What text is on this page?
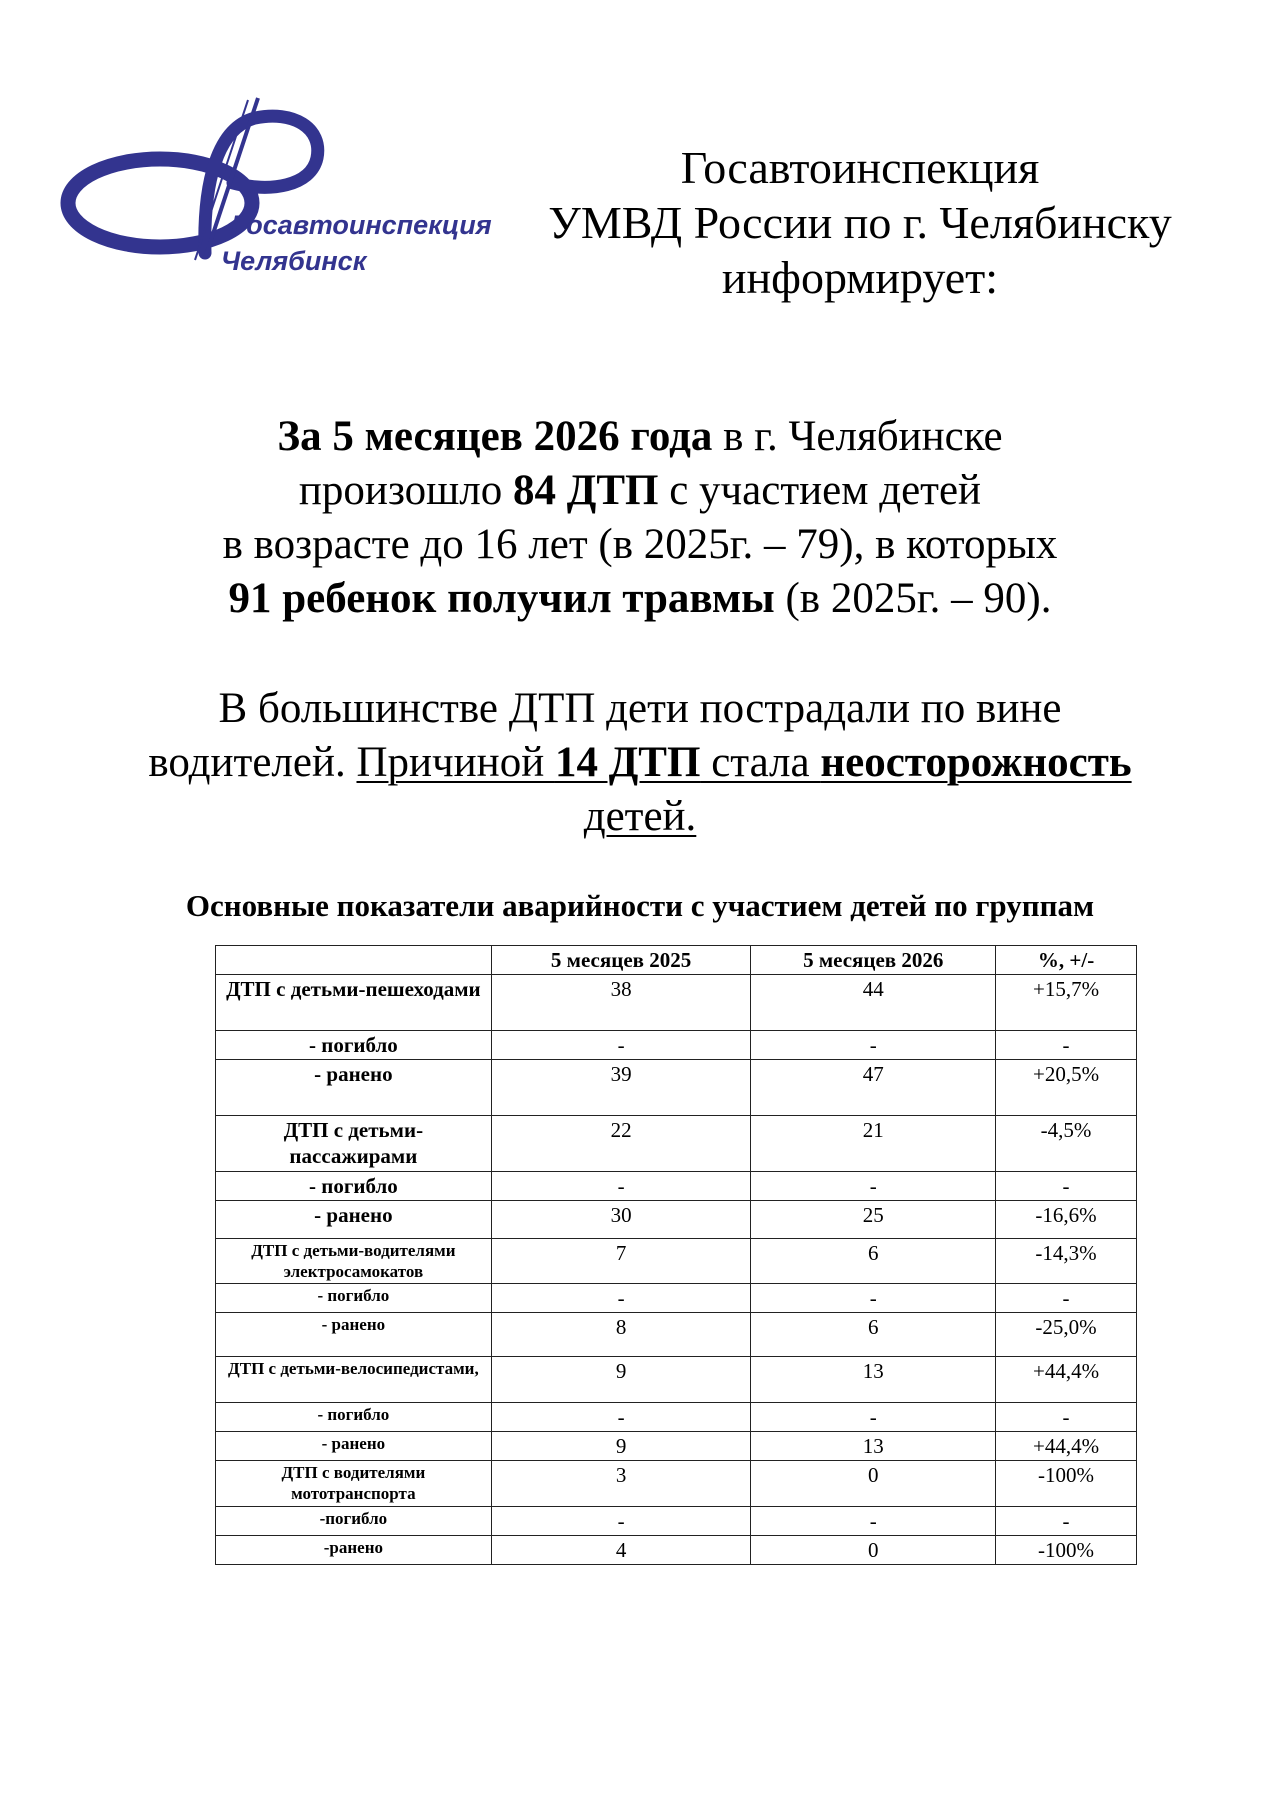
Госавтоинспекция
Челябинск
Госавтоинспекция
УМВД России по г. Челябинску
информирует:
За 5 месяцев 2026 года в г. Челябинске
произошло 84 ДТП с участием детей
в возрасте до 16 лет (в 2025г. – 79), в которых
91 ребенок получил травмы (в 2025г. – 90).
В большинстве ДТП дети пострадали по вине
водителей. Причиной 14 ДТП стала неосторожность
детей.
Основные показатели аварийности с участием детей по группам
	5 месяцев 2025	5 месяцев 2026	%, +/-
ДТП с детьми-пешеходами	38	44	+15,7%
- погибло	-	-	-
- ранено	39	47	+20,5%
ДТП с детьми-пассажирами	22	21	-4,5%
- погибло	-	-	-
- ранено	30	25	-16,6%
ДТП с детьми-водителями электросамокатов	7	6	-14,3%
- погибло	-	-	-
- ранено	8	6	-25,0%
ДТП с детьми-велосипедистами,	9	13	+44,4%
- погибло	-	-	-
- ранено	9	13	+44,4%
ДТП с водителями мототранспорта	3	0	-100%
-погибло	-	-	-
-ранено	4	0	-100%
